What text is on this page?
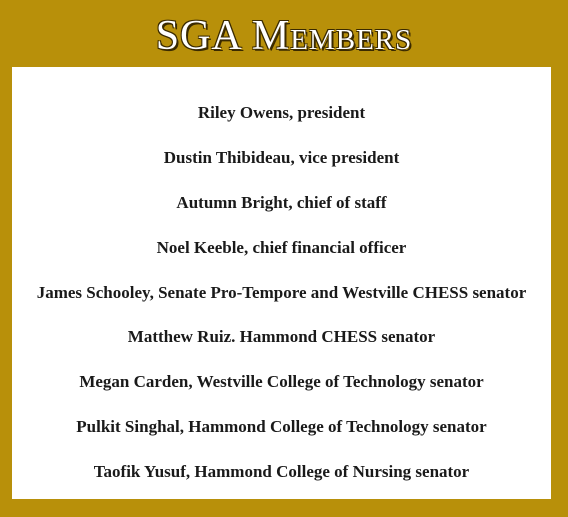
SGA Members
Riley Owens, president
Dustin Thibideau, vice president
Autumn Bright, chief of staff
Noel Keeble, chief financial officer
James Schooley, Senate Pro-Tempore and Westville CHESS senator
Matthew Ruiz. Hammond CHESS senator
Megan Carden, Westville College of Technology senator
Pulkit Singhal, Hammond College of Technology senator
Taofik Yusuf, Hammond College of Nursing senator
